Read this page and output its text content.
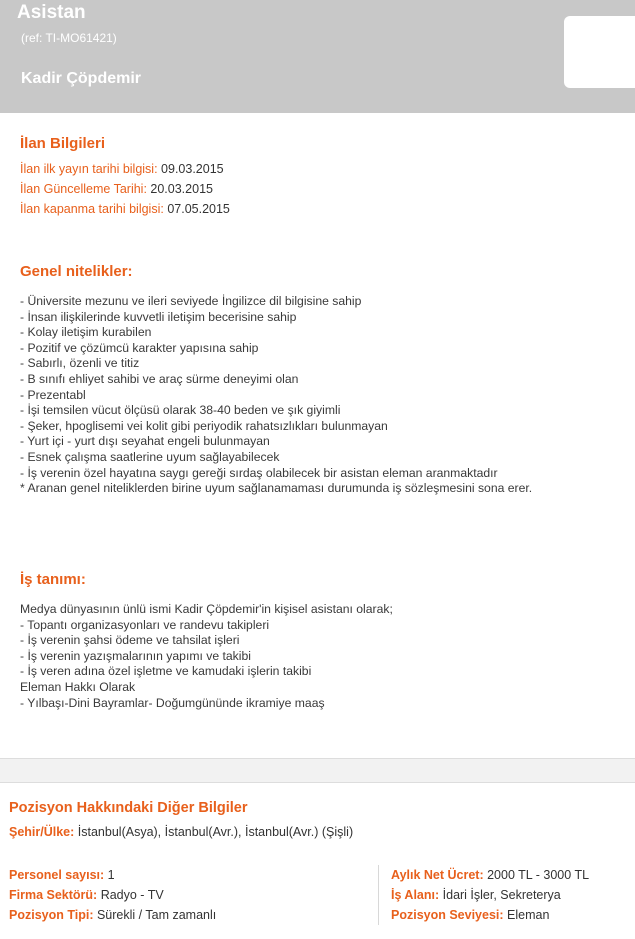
Asistan
(ref: TI-MO61421)
Kadir Çöpdemir
İlan Bilgileri
İlan ilk yayın tarihi bilgisi: 09.03.2015
İlan Güncelleme Tarihi: 20.03.2015
İlan kapanma tarihi bilgisi: 07.05.2015
Genel nitelikler:
- Üniversite mezunu ve ileri seviyede İngilizce dil bilgisine sahip
- İnsan ilişkilerinde kuvvetli iletişim becerisine sahip
- Kolay iletişim kurabilen
- Pozitif ve çözümcü karakter yapısına sahip
- Sabırlı, özenli ve titiz
- B sınıfı ehliyet sahibi ve araç sürme deneyimi olan
- Prezentabl
- İşi temsilen vücut ölçüsü olarak 38-40 beden ve şık giyimli
- Şeker, hpoglisemi vei kolit gibi periyodik rahatsızlıkları bulunmayan
- Yurt içi - yurt dışı seyahat engeli bulunmayan
- Esnek çalışma saatlerine uyum sağlayabilecek
- İş verenin özel hayatına saygı gereği sırdaş olabilecek bir asistan eleman aranmaktadır
* Aranan genel niteliklerden birine uyum sağlanamaması durumunda iş sözleşmesini sona erer.
İş tanımı:
Medya dünyasının ünlü ismi Kadir Çöpdemir'in kişisel asistanı olarak;
- Topantı organizasyonları ve randevu takipleri
- İş verenin şahsi ödeme ve tahsilat işleri
- İş verenin yazışmalarının yapımı ve takibi
- İş veren adına özel işletme ve kamudaki işlerin takibi
Eleman Hakkı Olarak
- Yılbaşı-Dini Bayramlar- Doğumgününde ikramiye maaş
Pozisyon Hakkındaki Diğer Bilgiler
Şehir/Ülke: İstanbul(Asya), İstanbul(Avr.), İstanbul(Avr.) (Şişli)
Personel sayısı: 1
Firma Sektörü: Radyo - TV
Pozisyon Tipi: Sürekli / Tam zamanlı
Aylık Net Ücret: 2000 TL - 3000 TL
İş Alanı: İdari İşler, Sekreterya
Pozisyon Seviyesi: Eleman
